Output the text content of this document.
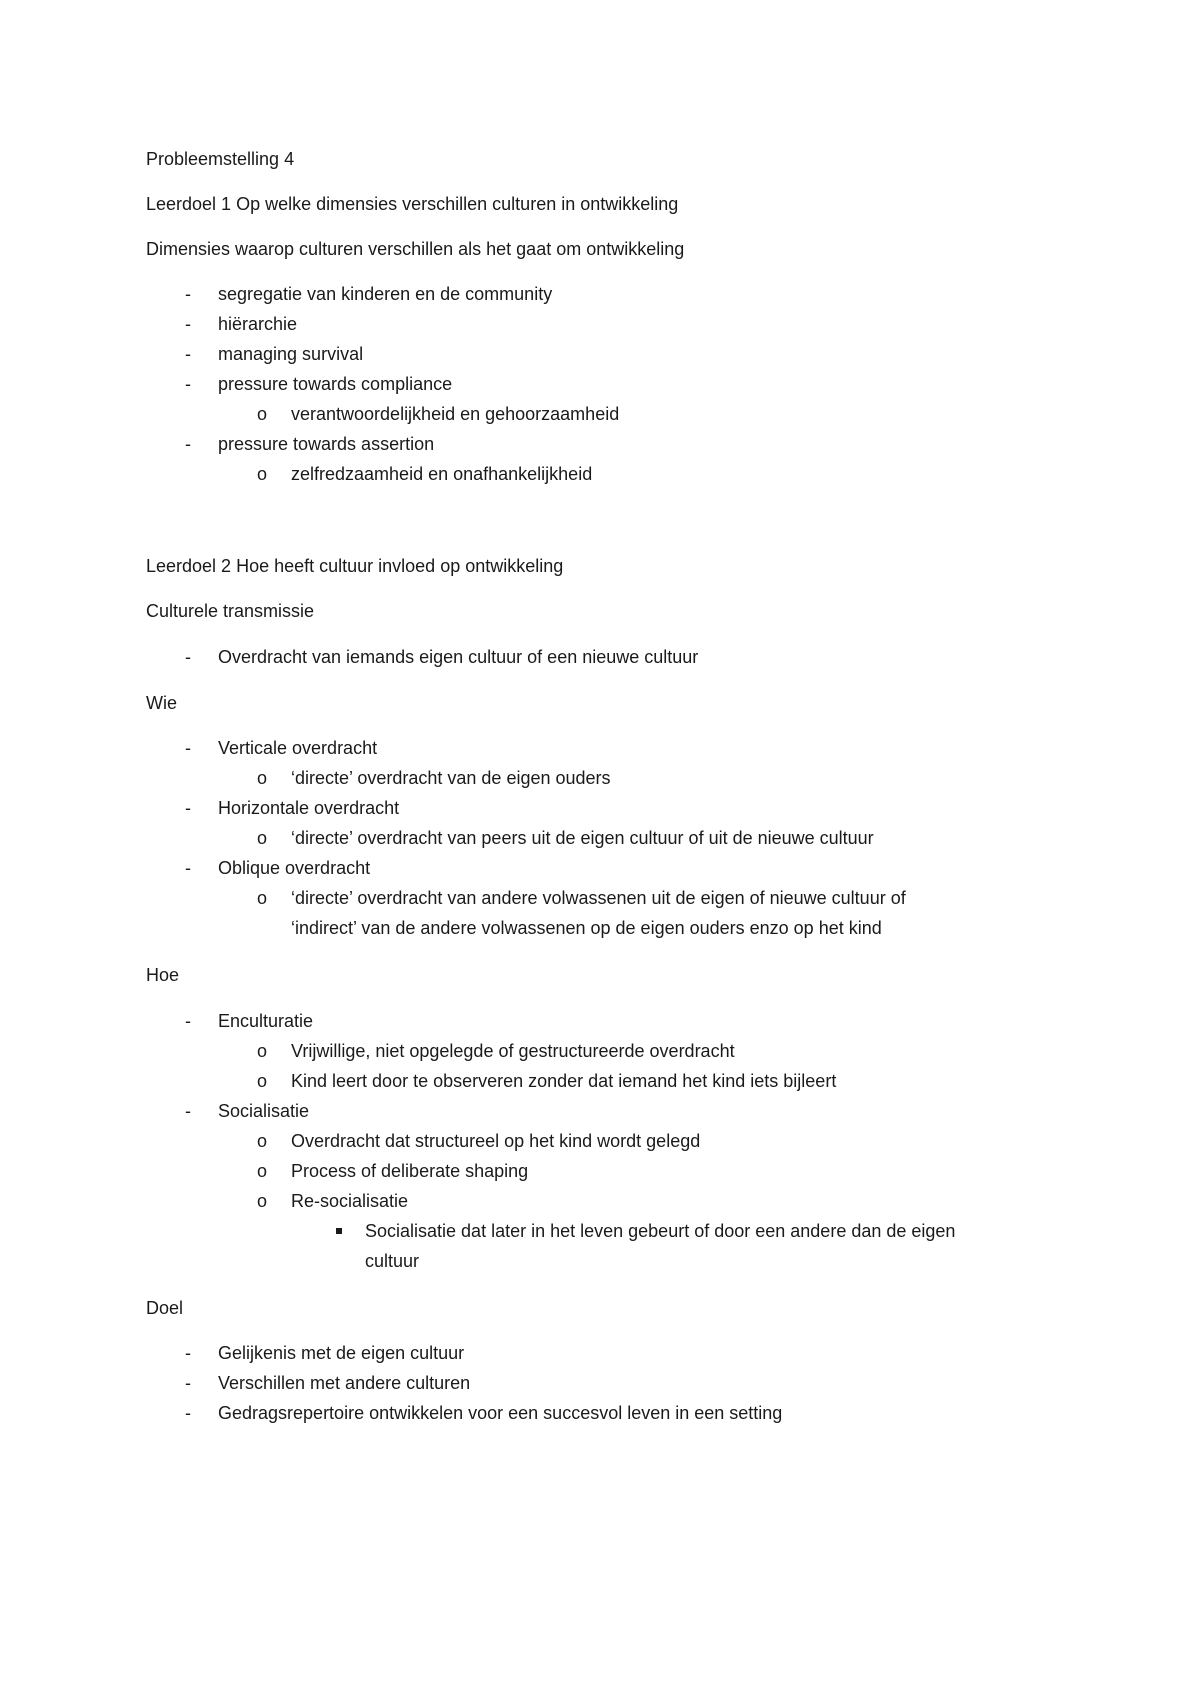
Probleemstelling 4
Leerdoel 1 Op welke dimensies verschillen culturen in ontwikkeling
Dimensies waarop culturen verschillen als het gaat om ontwikkeling
- segregatie van kinderen en de community
- hiërarchie
- managing survival
- pressure towards compliance
o verantwoordelijkheid en gehoorzaamheid
- pressure towards assertion
o zelfredzaamheid en onafhankelijkheid
Leerdoel 2 Hoe heeft cultuur invloed op ontwikkeling
Culturele transmissie
- Overdracht van iemands eigen cultuur of een nieuwe cultuur
Wie
- Verticale overdracht
o ‘directe’ overdracht van de eigen ouders
- Horizontale overdracht
o ‘directe’ overdracht van peers uit de eigen cultuur of uit de nieuwe cultuur
- Oblique overdracht
o ‘directe’ overdracht van andere volwassenen uit de eigen of nieuwe cultuur of
‘indirect’ van de andere volwassenen op de eigen ouders enzo op het kind
Hoe
- Enculturatie
o Vrijwillige, niet opgelegde of gestructureerde overdracht
o Kind leert door te observeren zonder dat iemand het kind iets bijleert
- Socialisatie
o Overdracht dat structureel op het kind wordt gelegd
o Process of deliberate shaping
o Re-socialisatie
Socialisatie dat later in het leven gebeurt of door een andere dan de eigen
cultuur
Doel
- Gelijkenis met de eigen cultuur
- Verschillen met andere culturen
- Gedragsrepertoire ontwikkelen voor een succesvol leven in een setting
